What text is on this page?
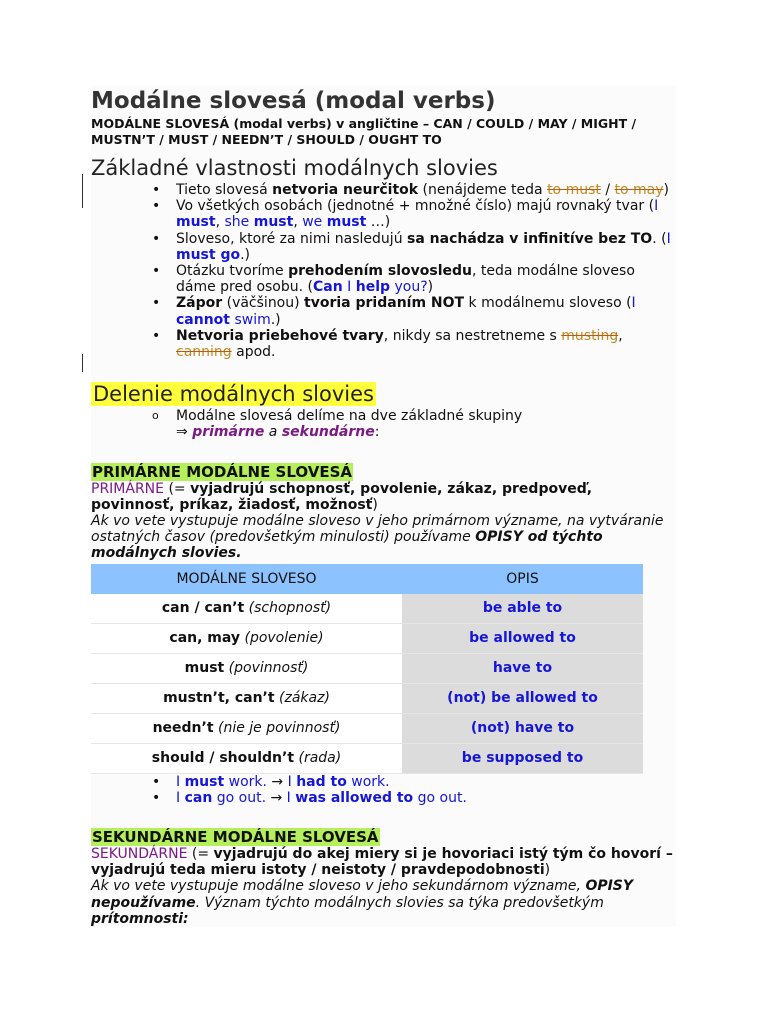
Modálne slovesá (modal verbs)

MODÁLNE SLOVESÁ (modal verbs) v angličtine – CAN / COULD / MAY / MIGHT / MUSTN’T / MUST / NEEDN’T / SHOULD / OUGHT TO

Základné vlastnosti modálnych slovies
• Tieto slovesá netvoria neurčitok (nenájdeme teda to must / to may)
• Vo všetkých osobách (jednotné + množné číslo) majú rovnaký tvar (I must, she must, we must …)
• Sloveso, ktoré za nimi nasledujú sa nachádza v infinitíve bez TO. (I must go.)
• Otázku tvoríme prehodením slovosledu, teda modálne sloveso dáme pred osobu. (Can I help you?)
• Zápor (väčšinou) tvoria pridaním NOT k modálnemu sloveso (I cannot swim.)
• Netvoria priebehové tvary, nikdy sa nestretneme s musting, canning apod.
Delenie modálnych slovies
o Modálne slovesá delíme na dve základné skupiny
⇒ primárne a sekundárne:
PRIMÁRNE MODÁLNE SLOVESÁ

PRIMÁRNE (= vyjadrujú schopnosť, povolenie, zákaz, predpoveď, povinnosť, príkaz, žiadosť, možnosť)

Ak vo vete vystupuje modálne sloveso v jeho primárnom význame, na vytváranie ostatných časov (predovšetkým minulosti) používame OPISY od týchto modálnych slovies.

MODÁLNE SLOVESO	OPIS
can / can’t (schopnosť)	be able to
can, may (povolenie)	be allowed to
must (povinnosť)	have to
mustn’t, can’t (zákaz)	(not) be allowed to
needn’t (nie je povinnosť)	(not) have to
should / shouldn’t (rada)	be supposed to
• I must work. → I had to work.
• I can go out. → I was allowed to go out.
SEKUNDÁRNE MODÁLNE SLOVESÁ

SEKUNDÁRNE (= vyjadrujú do akej miery si je hovoriaci istý tým čo hovorí – vyjadrujú teda mieru istoty / neistoty / pravdepodobnosti)

Ak vo vete vystupuje modálne sloveso v jeho sekundárnom význame, OPISY nepoužívame. Význam týchto modálnych slovies sa týka predovšetkým prítomnosti:
